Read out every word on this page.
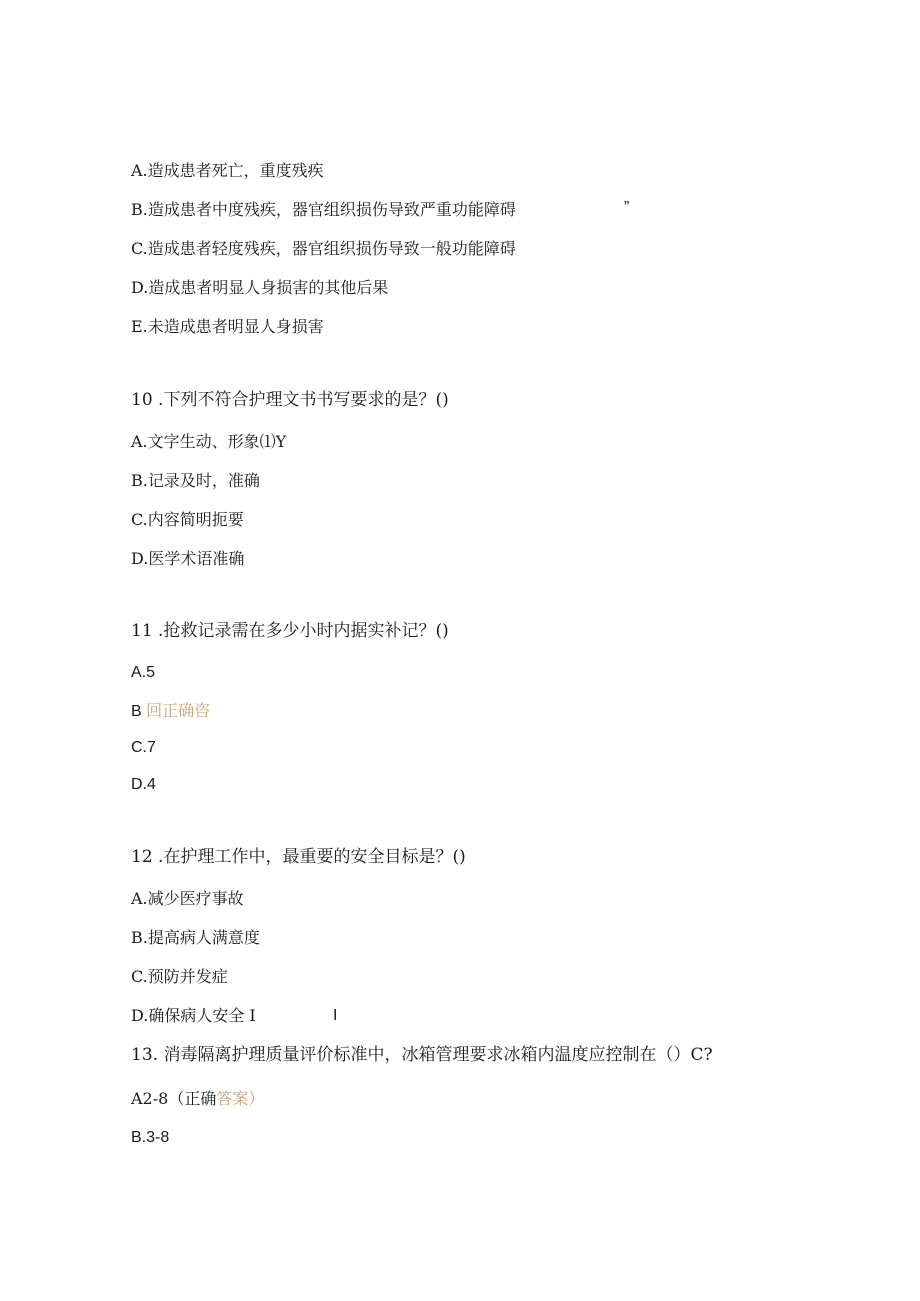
A.造成患者死亡，重度残疾
B.造成患者中度残疾，器官组织损伤导致严重功能障碍	”
C.造成患者轻度残疾，器官组织损伤导致一般功能障碍
D.造成患者明显人身损害的其他后果
E.未造成患者明显人身损害
10 .下列不符合护理文书书写要求的是？()
A.文字生动、形象⑴Y
B.记录及时，准确
C.内容简明扼要
D.医学术语准确
11 .抢救记录需在多少小时内据实补记？()
A.5
B 回正确咨
C.7
D.4
12 .在护理工作中，最重要的安全目标是？()
A.减少医疗事故
B.提高病人满意度
C.预防并发症
D.确保病人安全 I	I
13. 消毒隔离护理质量评价标准中，冰箱管理要求冰箱内温度应控制在（）C?
A2-8（正确答案）
B.3-8
